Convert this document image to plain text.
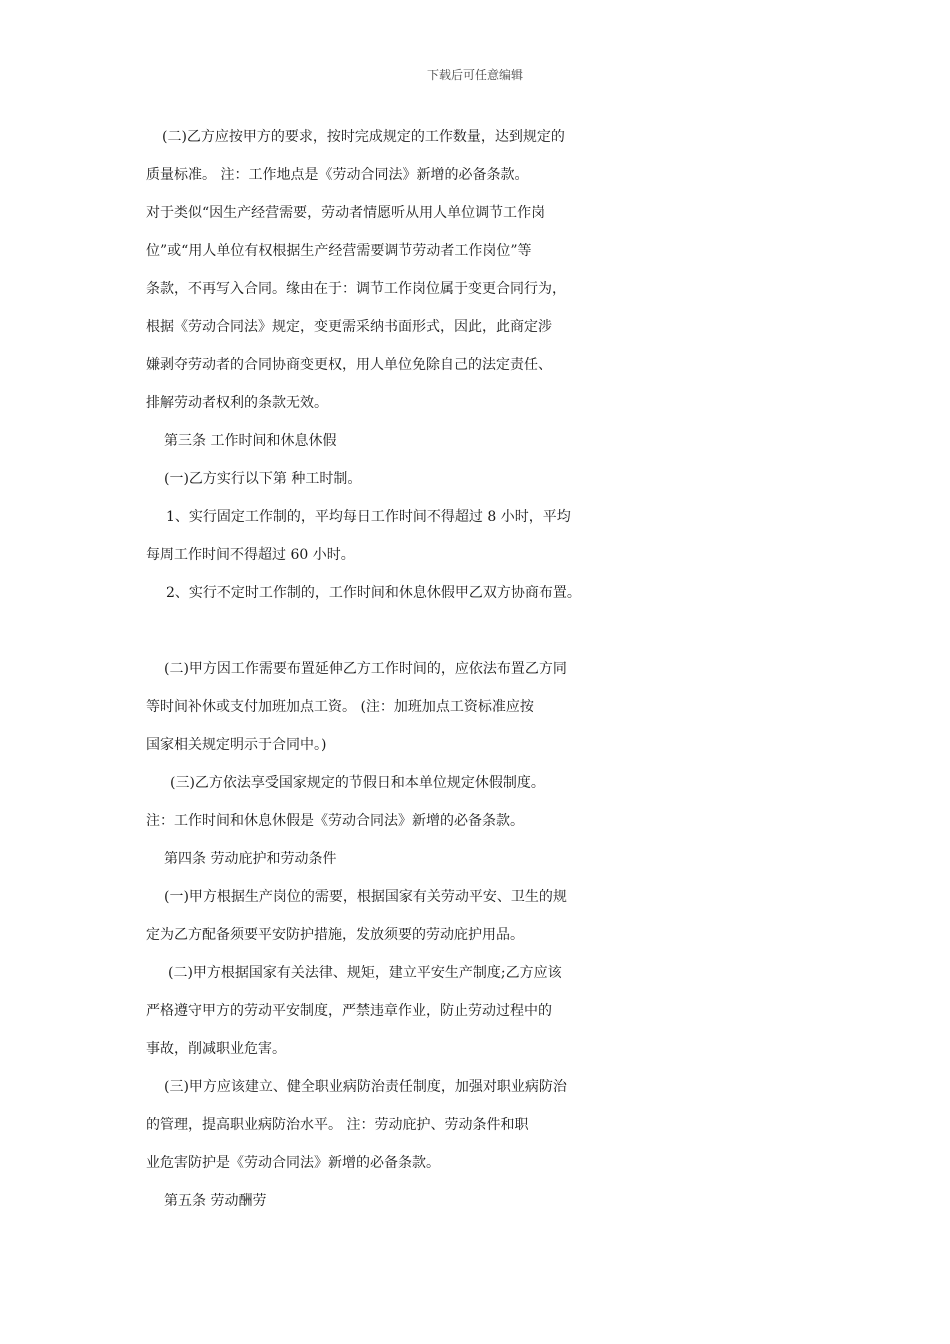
下载后可任意编辑
(二)乙方应按甲方的要求，按时完成规定的工作数量，达到规定的
质量标准。 注：工作地点是《劳动合同法》新增的必备条款。
对于类似“因生产经营需要，劳动者情愿听从用人单位调节工作岗
位”或“用人单位有权根据生产经营需要调节劳动者工作岗位”等
条款，不再写入合同。缘由在于：调节工作岗位属于变更合同行为，
根据《劳动合同法》规定，变更需采纳书面形式，因此，此商定涉
嫌剥夺劳动者的合同协商变更权，用人单位免除自己的法定责任、
排解劳动者权利的条款无效。
第三条 工作时间和休息休假
(一)乙方实行以下第 种工时制。
1、实行固定工作制的，平均每日工作时间不得超过 8 小时，平均
每周工作时间不得超过 60 小时。
2、实行不定时工作制的，工作时间和休息休假甲乙双方协商布置。
(二)甲方因工作需要布置延伸乙方工作时间的，应依法布置乙方同
等时间补休或支付加班加点工资。 (注：加班加点工资标准应按
国家相关规定明示于合同中。)
(三)乙方依法享受国家规定的节假日和本单位规定休假制度。
注：工作时间和休息休假是《劳动合同法》新增的必备条款。
第四条 劳动庇护和劳动条件
(一)甲方根据生产岗位的需要，根据国家有关劳动平安、卫生的规
定为乙方配备须要平安防护措施，发放须要的劳动庇护用品。
(二)甲方根据国家有关法律、规矩，建立平安生产制度;乙方应该
严格遵守甲方的劳动平安制度，严禁违章作业，防止劳动过程中的
事故，削减职业危害。
(三)甲方应该建立、健全职业病防治责任制度，加强对职业病防治
的管理，提高职业病防治水平。 注：劳动庇护、劳动条件和职
业危害防护是《劳动合同法》新增的必备条款。
第五条 劳动酬劳
